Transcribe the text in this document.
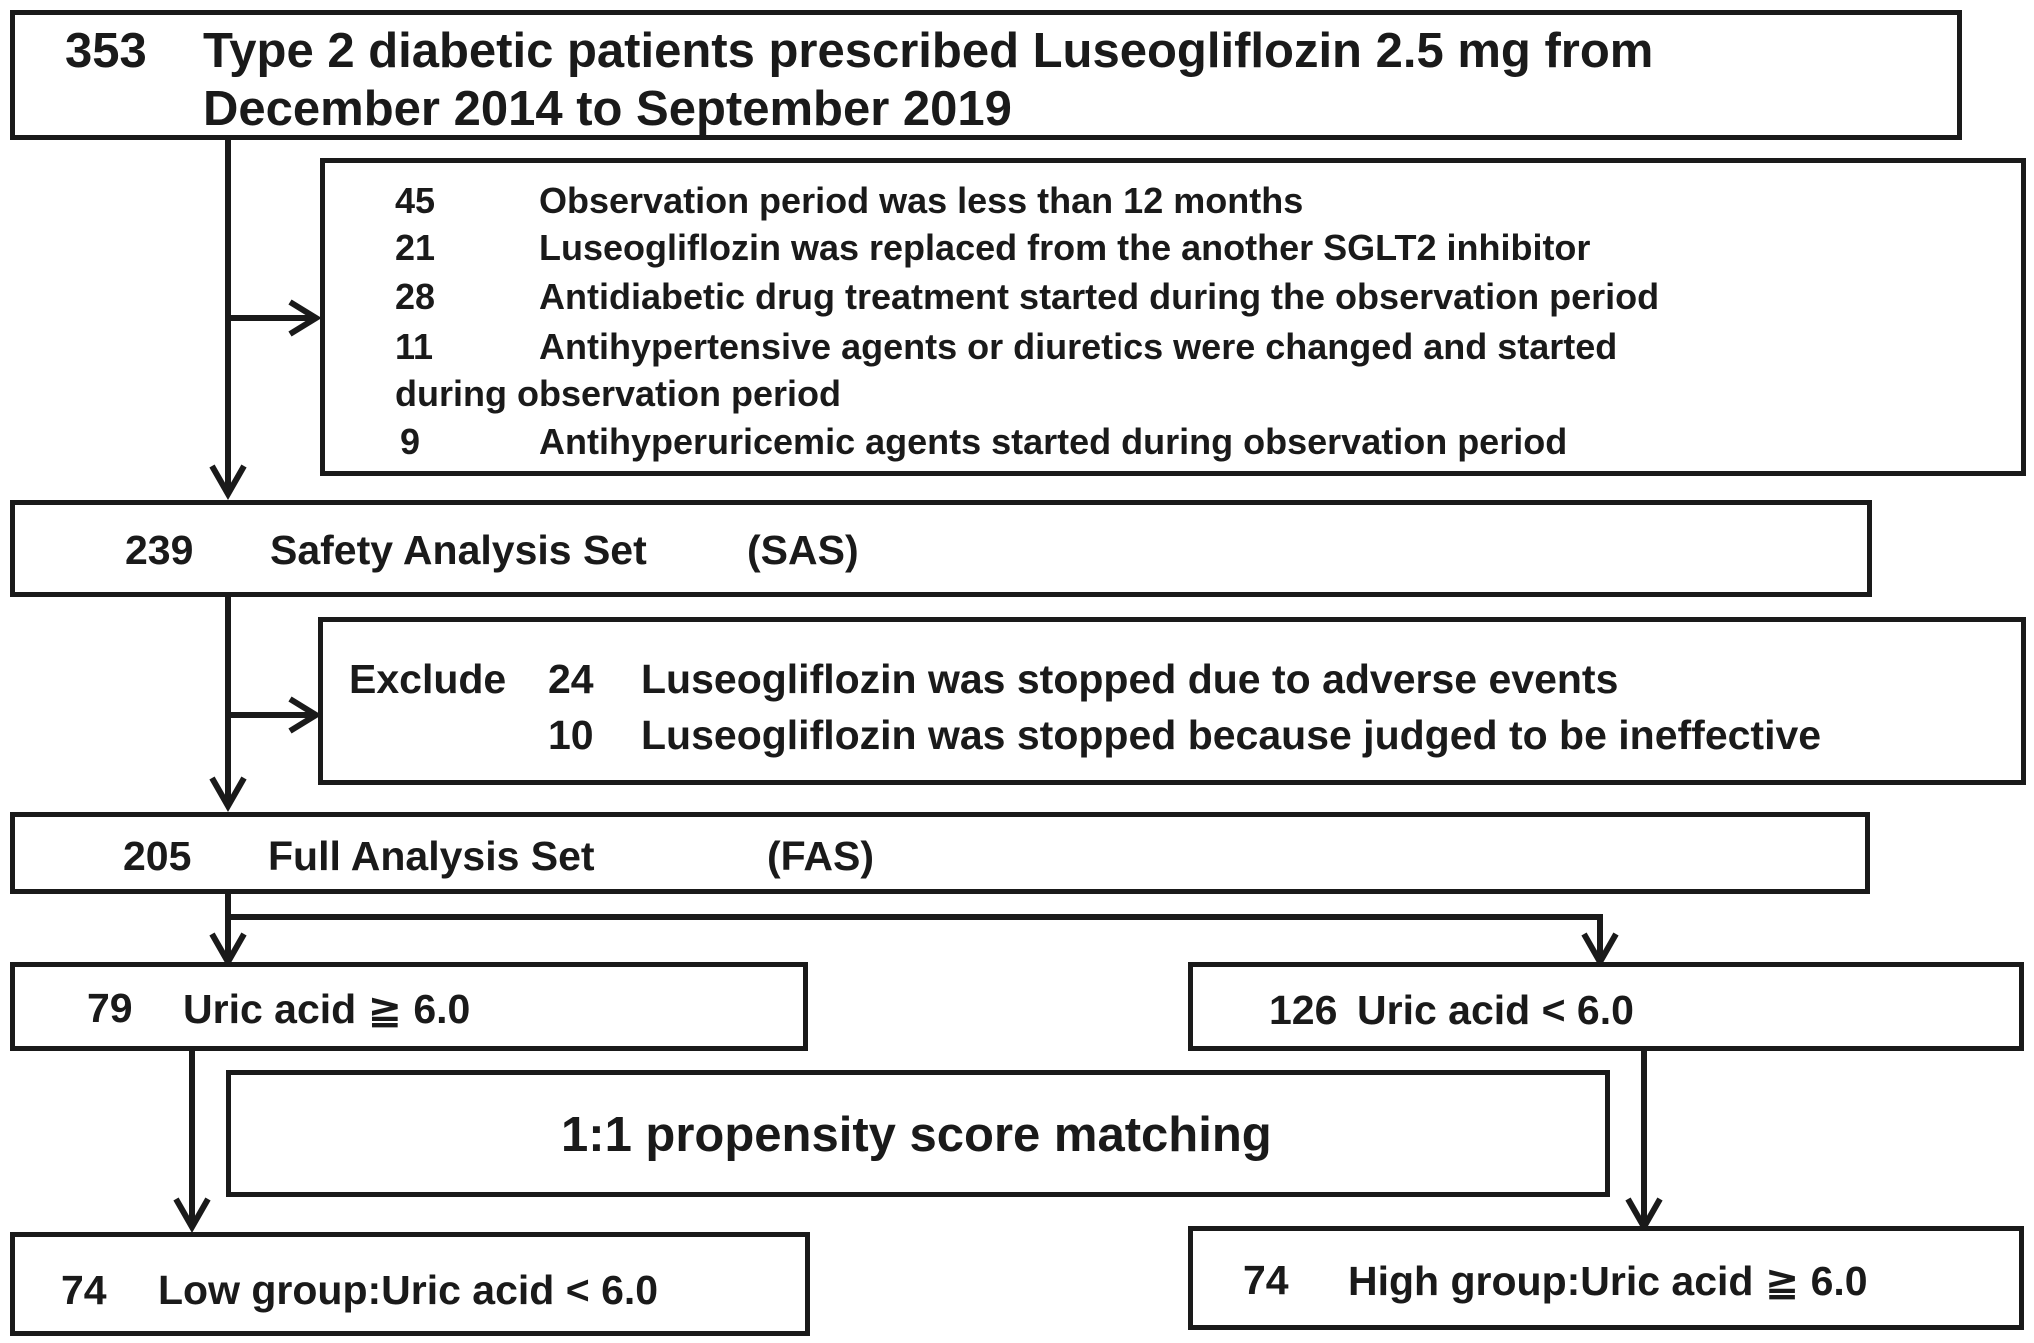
353 Type 2 diabetic patients prescribed Luseogliflozin 2.5 mg from
December 2014 to September 2019
45	Observation period was less than 12 months
21	Luseogliflozin was replaced from the another SGLT2 inhibitor
28	Antidiabetic drug treatment started during the observation period
11	Antihypertensive agents or diuretics were changed and started
during observation period
9	Antihyperuricemic agents started during observation period
239 Safety Analysis Set (SAS)
Exclude 24 Luseogliflozin was stopped due to adverse events
10 Luseogliflozin was stopped because judged to be ineffective
205 Full Analysis Set	(FAS)
79 Uric acid ≧ 6.0	126 Uric acid < 6.0
1:1 propensity score matching
74 Low group:Uric acid < 6.0	74 High group:Uric acid ≧ 6.0
